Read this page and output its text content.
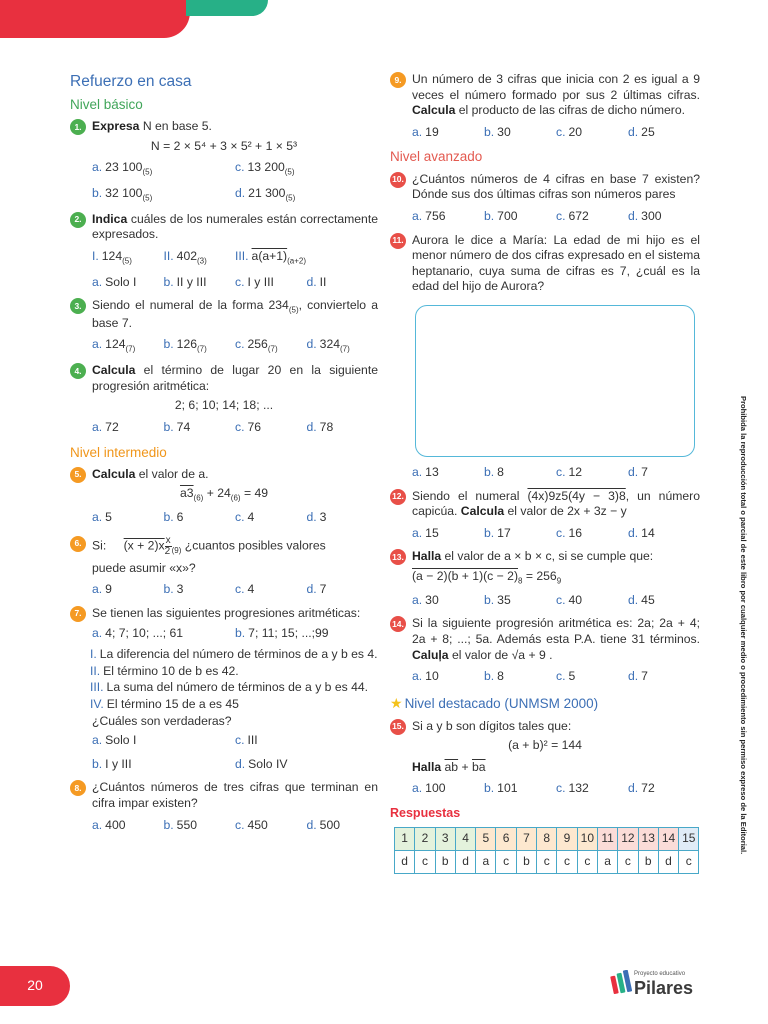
Refuerzo en casa
Nivel básico
1. Expresa N en base 5.
N = 2 × 5⁴ + 3 × 5² + 1 × 5³
a. 23 $100_{(5)}$	c. 13 $200_{(5)}$
b. 32 $100_{(5)}$	d. 21 $300_{(5)}$
2. Indica cuáles de los numerales están correctamente expresados.
I. $124_{(5)}$	II. $402_{(3)}$	III. $a(a+1)_{(a+2)}$
a. Solo I	b. II y III	c. I y III	d. II
3. Siendo el numeral de la forma $234_{(5)}$, conviertelo a base 7.
a. $124_{(7)}$	b. $126_{(7)}$	c. $256_{(7)}$	d. $324_{(7)}$
4. Calcula el término de lugar 20 en la siguiente progresión aritmética:
2; 6; 10; 14; 18; ...
a. 72	b. 74	c. 76	d. 78
Nivel intermedio
5. Calcula el valor de a.
$a3_{(6)} + 24_{(6)} = 49$
a. 5	b. 6	c. 4	d. 3
6. Si: $(x + 2)x \frac{x}{2} _{(9)}$ ¿cuantos posibles valores
puede asumir «x»?
a. 9	b. 3	c. 4	d. 7
7. Se tienen las siguientes progresiones aritméticas:
a. 4; 7; 10; ...; 61	b. 7; 11; 15; ...;99
I. La diferencia del número de términos de a y b es 4.
II. El término 10 de b es 42.
III. La suma del número de términos de a y b es 44.
IV. El término 15 de a es 45
¿Cuáles son verdaderas?
a. Solo I	c. III
b. I y III	d. Solo IV
8. ¿Cuántos números de tres cifras que terminan en cifra impar existen?
a. 400	b. 550	c. 450	d. 500
9. Un número de 3 cifras que inicia con 2 es igual a 9 veces el número formado por sus 2 últimas cifras. Calcula el producto de las cifras de dicho número.
a. 19	b. 30	c. 20	d. 25
Nivel avanzado
10. ¿Cuántos números de 4 cifras en base 7 existen? Dónde sus dos últimas cifras son números pares
a. 756	b. 700	c. 672	d. 300
11. Aurora le dice a María: La edad de mi hijo es el menor número de dos cifras expresado en el sistema heptanario, cuya suma de cifras es 7, ¿cuál es la edad del hijo de Aurora?
a. 13	b. 8	c. 12	d. 7
12. Siendo el numeral (4x)9z5(4y − 3)8, un número capicúa. Calcula el valor de 2x + 3z − y
a. 15	b. 17	c. 16	d. 14
13. Halla el valor de a × b × c, si se cumple que:
$(a - 2)(b + 1)(c - 2)_8 = 256_9$
a. 30	b. 35	c. 40	d. 45
14. Si la siguiente progresión aritmética es: 2a; 2a + 4; 2a + 8; ...; 5a. Además esta P.A. tiene 31 términos. Caluļa el valor de √a + 9 .
a. 10	b. 8	c. 5	d. 7
★ Nivel destacado (UNMSM 2000)
15. Si a y b son dígitos tales que:
(a + b)² = 144
Halla $\overline{ab} + \overline{ba}$
a. 100	b. 101	c. 132	d. 72
Respuestas
1	2	3	4	5	6	7	8	9	10	11	12	13	14	15
d	c	b	d	a	c	b	c	c	c	a	c	b	d	c
Prohibida la reproducción total o parcial de este libro por cualquier medio o procedimiento sin permiso expreso de la Editorial.
20
Proyecto educativo
Pilares
